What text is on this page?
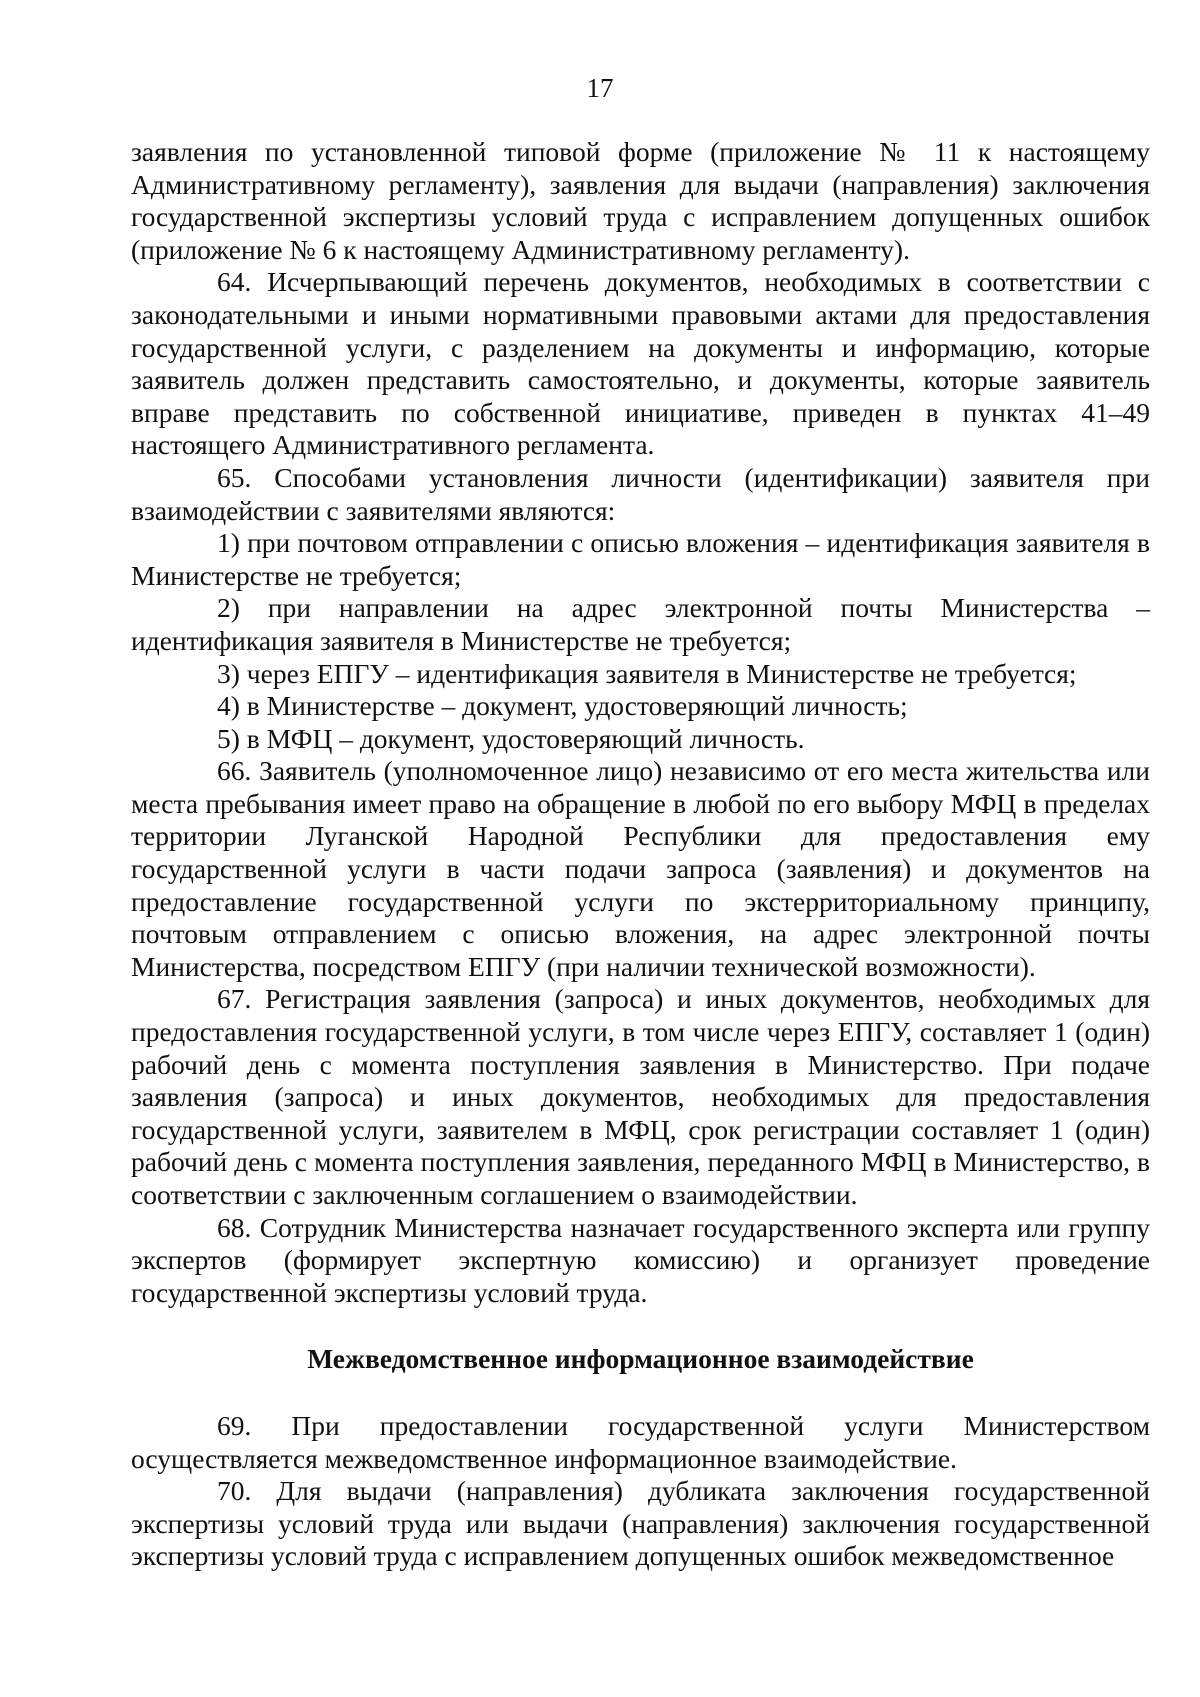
17

заявления по установленной типовой форме (приложение № 11 к настоящему Административному регламенту), заявления для выдачи (направления) заключения государственной экспертизы условий труда с исправлением допущенных ошибок (приложение № 6 к настоящему Административному регламенту).

64. Исчерпывающий перечень документов, необходимых в соответствии с законодательными и иными нормативными правовыми актами для предоставления государственной услуги, с разделением на документы и информацию, которые заявитель должен представить самостоятельно, и документы, которые заявитель вправе представить по собственной инициативе, приведен в пунктах 41–49 настоящего Административного регламента.

65. Способами установления личности (идентификации) заявителя при взаимодействии с заявителями являются:

1) при почтовом отправлении с описью вложения – идентификация заявителя в Министерстве не требуется;

2) при направлении на адрес электронной почты Министерства – идентификация заявителя в Министерстве не требуется;

3) через ЕПГУ – идентификация заявителя в Министерстве не требуется;

4) в Министерстве – документ, удостоверяющий личность;

5) в МФЦ – документ, удостоверяющий личность.

66. Заявитель (уполномоченное лицо) независимо от его места жительства или места пребывания имеет право на обращение в любой по его выбору МФЦ в пределах территории Луганской Народной Республики для предоставления ему государственной услуги в части подачи запроса (заявления) и документов на предоставление государственной услуги по экстерриториальному принципу, почтовым отправлением с описью вложения, на адрес электронной почты Министерства, посредством ЕПГУ (при наличии технической возможности).

67. Регистрация заявления (запроса) и иных документов, необходимых для предоставления государственной услуги, в том числе через ЕПГУ, составляет 1 (один) рабочий день с момента поступления заявления в Министерство. При подаче заявления (запроса) и иных документов, необходимых для предоставления государственной услуги, заявителем в МФЦ, срок регистрации составляет 1 (один) рабочий день с момента поступления заявления, переданного МФЦ в Министерство, в соответствии с заключенным соглашением о взаимодействии.

68. Сотрудник Министерства назначает государственного эксперта или группу экспертов (формирует экспертную комиссию) и организует проведение государственной экспертизы условий труда.

Межведомственное информационное взаимодействие

69. При предоставлении государственной услуги Министерством осуществляется межведомственное информационное взаимодействие.

70. Для выдачи (направления) дубликата заключения государственной экспертизы условий труда или выдачи (направления) заключения государственной экспертизы условий труда с исправлением допущенных ошибок межведомственное
